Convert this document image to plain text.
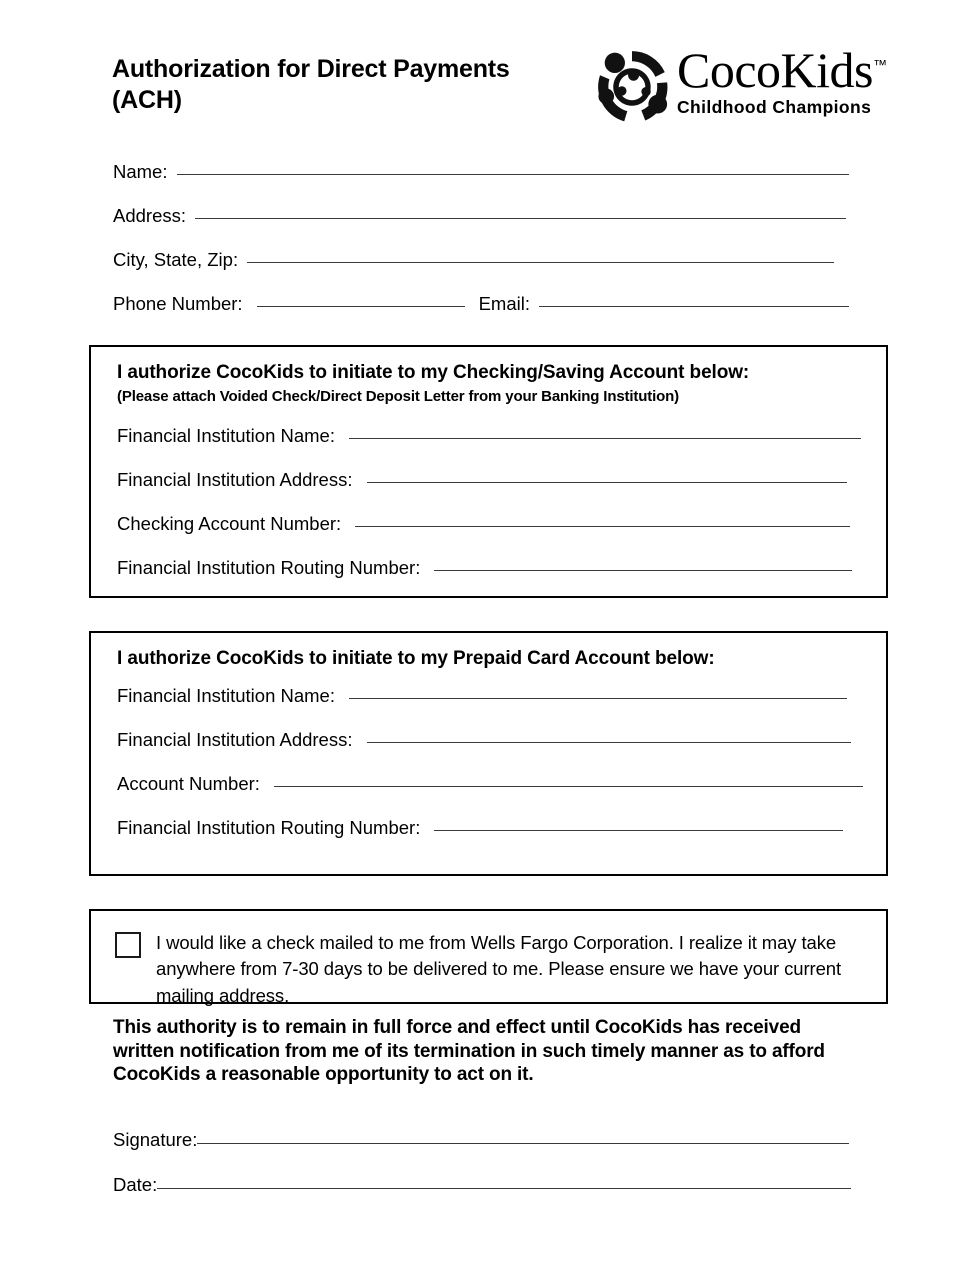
Authorization for Direct Payments
(ACH)
CocoKids™
Childhood Champions
Name:
Address:
City, State, Zip:
Phone Number:	Email:
I authorize CocoKids to initiate to my Checking/Saving Account below:
(Please attach Voided Check/Direct Deposit Letter from your Banking Institution)
Financial Institution Name:
Financial Institution Address:
Checking Account Number:
Financial Institution Routing Number:
I authorize CocoKids to initiate to my Prepaid Card Account below:
Financial Institution Name:
Financial Institution Address:
Account Number:
Financial Institution Routing Number:
I would like a check mailed to me from Wells Fargo Corporation. I realize it may take anywhere from 7-30 days to be delivered to me. Please ensure we have your current mailing address.
This authority is to remain in full force and effect until CocoKids has received written notification from me of its termination in such timely manner as to afford CocoKids a reasonable opportunity to act on it.
Signature:
Date:
